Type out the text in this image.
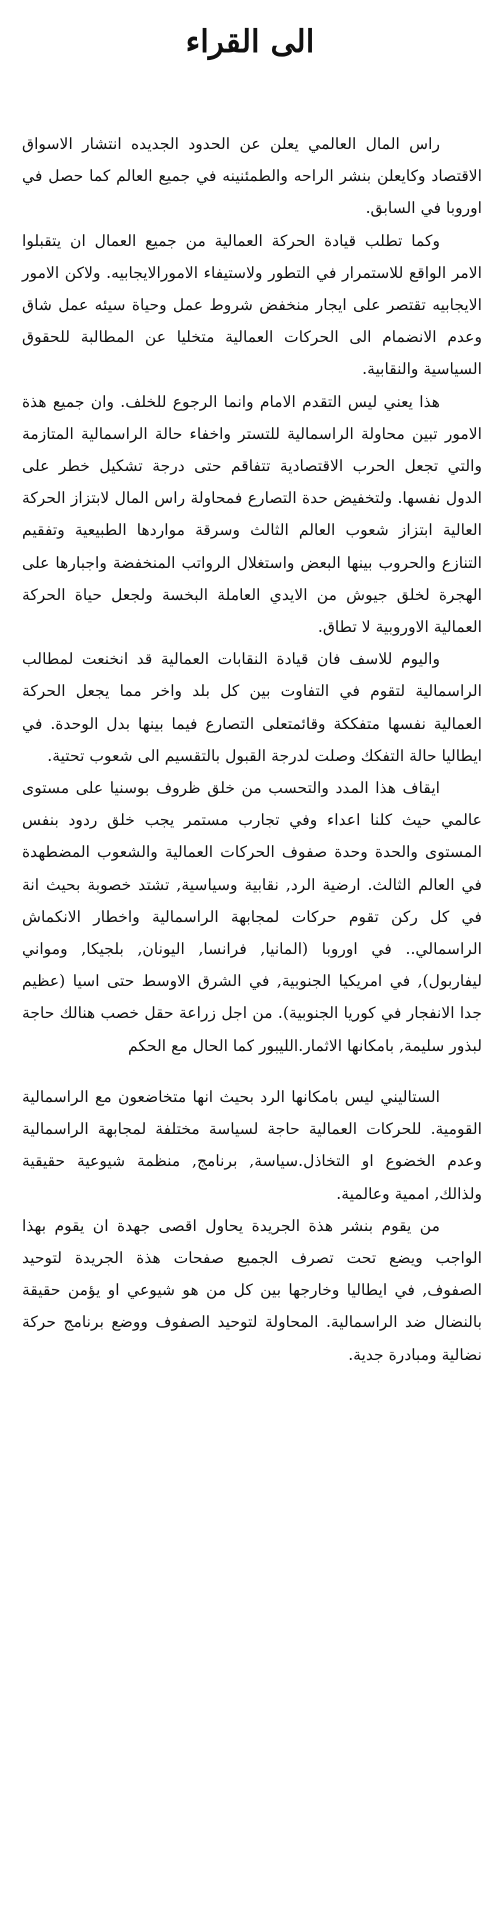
الى القراء

راس المال العالمي يعلن عن الحدود الجديده انتشار الاسواق الاقتصاد وكايعلن بنشر الراحه والطمئنينه في جميع العالم كما حصل في اوروبا في السابق.

وكما تطلب قيادة الحركة العمالية من جميع العمال ان يتقبلوا الامر الواقع للاستمرار في التطور ولاستيفاء الامورالايجابيه. ولاكن الامور الايجابيه تقتصر على ايجار منخفض شروط عمل وحياة سيئه عمل شاق وعدم الانضمام الى الحركات العمالية متخليا عن المطالبة للحقوق السياسية والنقابية.

هذا يعني ليس التقدم الامام وانما الرجوع للخلف. وان جميع هذة الامور تبين محاولة الراسمالية للتستر واخفاء حالة الراسمالية المتازمة والتي تجعل الحرب الاقتصادية تتفاقم حتى درجة تشكيل خطر على الدول نفسها. ولتخفيض حدة التصارع فمحاولة راس المال لابتزاز الحركة العالية ابتزاز شعوب العالم الثالث وسرقة مواردها الطبيعية وتفقيم التنازع والحروب بينها البعض واستغلال الرواتب المنخفضة واجبارها على الهجرة لخلق جيوش من الايدي العاملة البخسة ولجعل حياة الحركة العمالية الاوروبية لا تطاق.

واليوم للاسف فان قيادة النقابات العمالية قد انخنعت لمطالب الراسمالية لتقوم في التفاوت بين كل بلد واخر مما يجعل الحركة العمالية نفسها متفككة وقائمتعلى التصارع فيما بينها بدل الوحدة. في ايطاليا حالة التفكك وصلت لدرجة القبول بالتقسيم الى شعوب تحتية.

ايقاف هذا المدد والتحسب من خلق ظروف بوسنيا على مستوى عالمي حيث كلنا اعداء وفي تجارب مستمر يجب خلق ردود بنفس المستوى والحدة وحدة صفوف الحركات العمالية والشعوب المضطهدة في العالم الثالث. ارضية الرد, نقابية وسياسية, تشتد خصوبة بحيث انة في كل ركن تقوم حركات لمجابهة الراسمالية واخطار الانكماش الراسمالي.. في اوروبا (المانيا, فرانسا, اليونان, بلجيكا, ومواني ليفاربول), في امريكيا الجنوبية, في الشرق الاوسط حتى اسيا (عظيم جدا الانفجار في كوريا الجنوبية). من اجل زراعة حقل خصب هنالك حاجة لبذور سليمة, بامكانها الاثمار.الليبور كما الحال مع الحكم

الستاليني ليس بامكانها الرد بحيث انها متخاضعون مع الراسمالية القومية. للحركات العمالية حاجة لسياسة مختلفة لمجابهة الراسمالية وعدم الخضوع او التخاذل.سياسة, برنامج, منظمة شيوعية حقيقية ولذالك, اممية وعالمية.

من يقوم بنشر هذة الجريدة يحاول اقصى جهدة ان يقوم بهذا الواجب ويضع تحت تصرف الجميع صفحات هذة الجريدة لتوحيد الصفوف, في ايطاليا وخارجها بين كل من هو شيوعي او يؤمن حقيقة بالنضال ضد الراسمالية. المحاولة لتوحيد الصفوف ووضع برنامج حركة نضالية ومبادرة جدية.
